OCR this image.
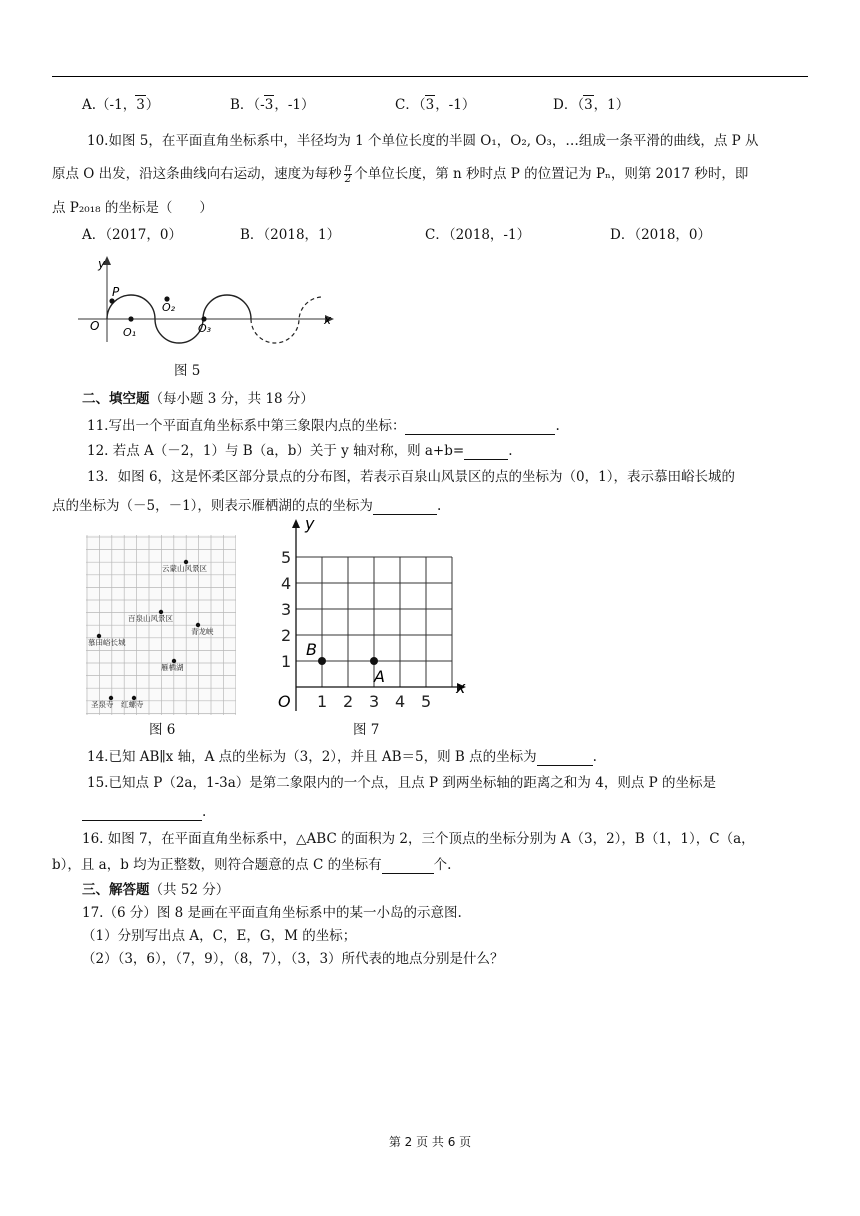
A.（-1，3）	B．（-3，-1）	C．（3，-1）	D．（3，1）
10.如图 5，在平面直角坐标系中，半径均为 1 个单位长度的半圆 O₁，O₂, O₃，…组成一条平滑的曲线，点 P 从
原点 O 出发，沿这条曲线向右运动，速度为每秒 $\frac{\pi}{2}$ 个单位长度，第 n 秒时点 P 的位置记为 Pₙ，则第 2017 秒时，即
点 P₂₀₁₈ 的坐标是（　　）
A．（2017，0）	B．（2018，1）	C．（2018，-1）	D．（2018，0）
y
x
O
P
O₁
O₂
O₃
图 5
二、填空题（每小题 3 分，共 18 分）
11.写出一个平面直角坐标系中第三象限内点的坐标：	.
12. 若点 A（－2，1）与 B（a，b）关于 y 轴对称，则 a+b=	.
13．如图 6，这是怀柔区部分景点的分布图，若表示百泉山风景区的点的坐标为（0，1），表示慕田峪长城的
点的坐标为（－5，－1），则表示雁栖湖的点的坐标为	.
云蒙山风景区
百泉山风景区
青龙峡
慕田峪长城
雁栖湖
圣泉寺 红螺寺
图 6
y
x
O 1 2 3 4 5
1
2
3
4
5
B
A
图 7
14.已知 AB∥x 轴，A 点的坐标为（3，2），并且 AB＝5，则 B 点的坐标为	.
15.已知点 P（2a，1-3a）是第二象限内的一个点，且点 P 到两坐标轴的距离之和为 4，则点 P 的坐标是
.
16. 如图 7，在平面直角坐标系中，△ABC 的面积为 2，三个顶点的坐标分别为 A（3，2），B（1，1），C（a，
b），且 a，b 均为正整数，则符合题意的点 C 的坐标有	个.
三、解答题（共 52 分）
17.（6 分）图 8 是画在平面直角坐标系中的某一小岛的示意图.
（1）分别写出点 A，C，E，G，M 的坐标；
（2）（3，6），（7，9），（8，7），（3，3）所代表的地点分别是什么？
第 2 页 共 6 页
